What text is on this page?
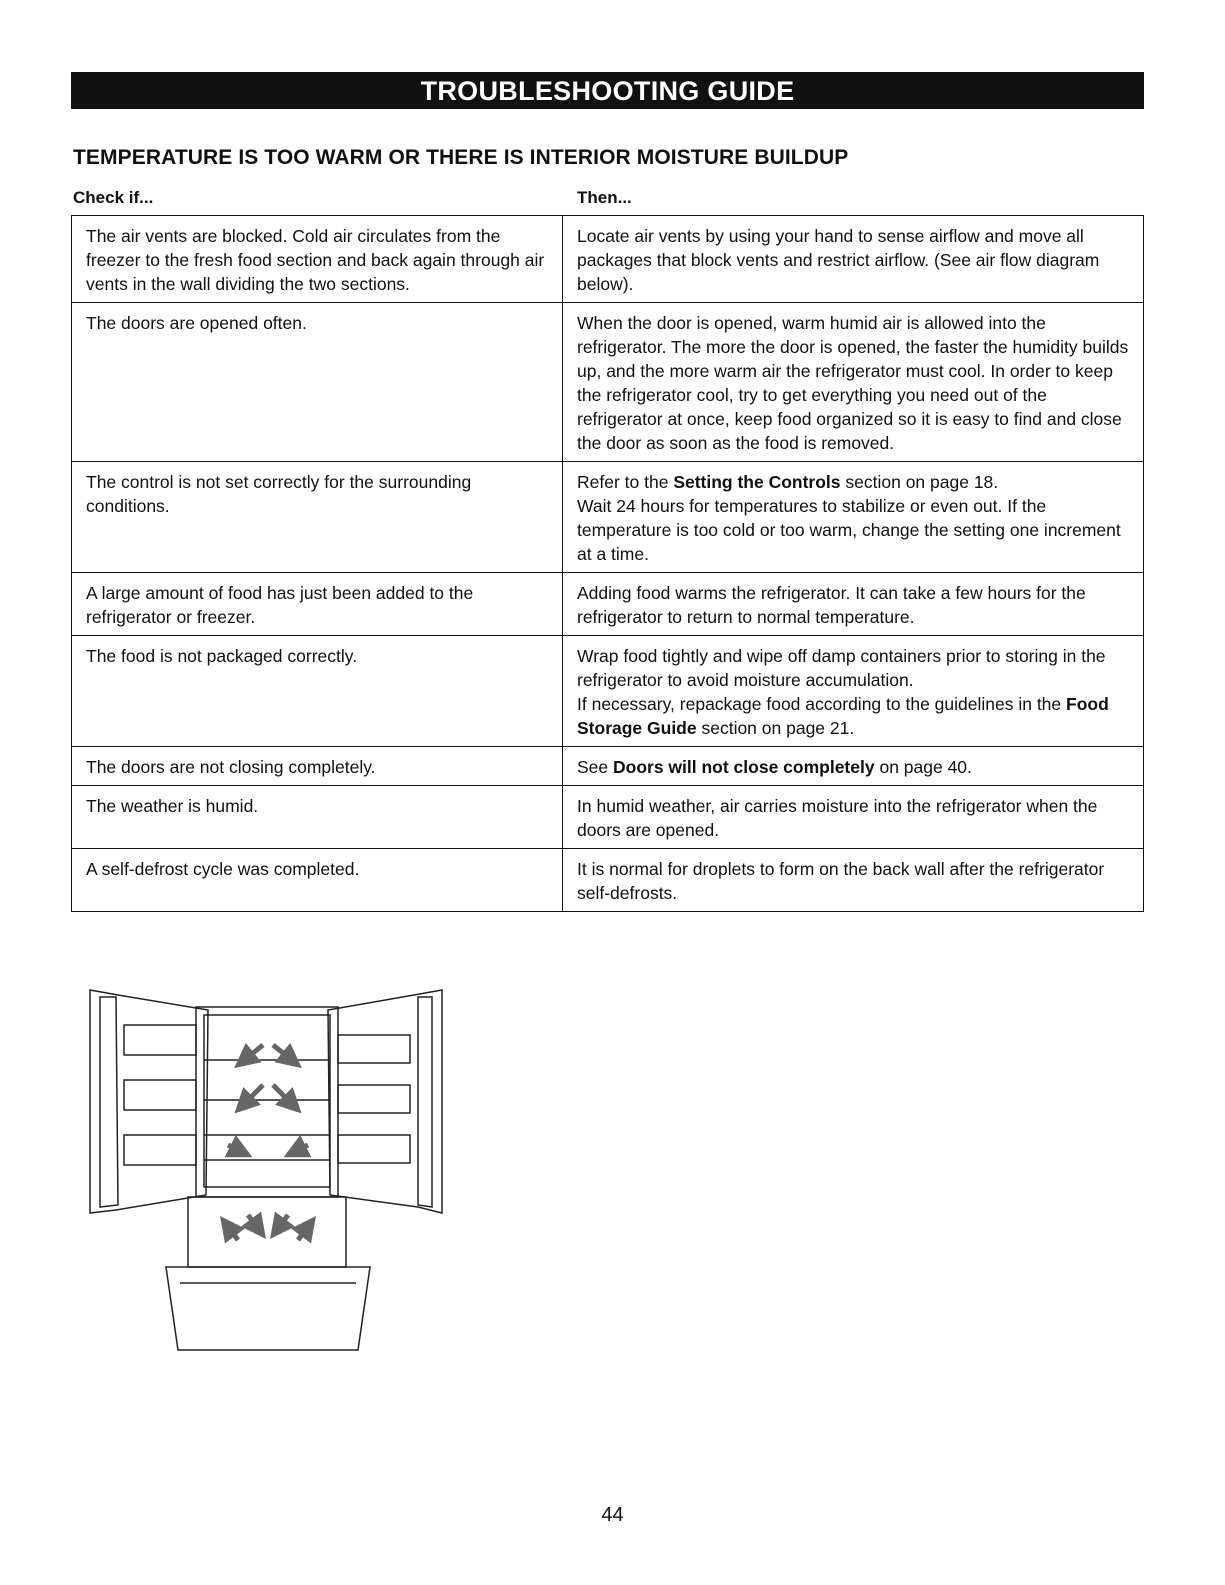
TROUBLESHOOTING GUIDE
TEMPERATURE IS TOO WARM OR THERE IS INTERIOR MOISTURE BUILDUP
Check if...	Then...
The air vents are blocked. Cold air circulates from the freezer to the fresh food section and back again through air vents in the wall dividing the two sections.	Locate air vents by using your hand to sense airflow and move all packages that block vents and restrict airflow. (See air flow diagram below).

The doors are opened often.	When the door is opened, warm humid air is allowed into the refrigerator. The more the door is opened, the faster the humidity builds up, and the more warm air the refrigerator must cool. In order to keep the refrigerator cool, try to get everything you need out of the refrigerator at once, keep food organized so it is easy to find and close the door as soon as the food is removed.

The control is not set correctly for the surrounding conditions.	Refer to the Setting the Controls section on page 18.
Wait 24 hours for temperatures to stabilize or even out. If the temperature is too cold or too warm, change the setting one increment at a time.

A large amount of food has just been added to the refrigerator or freezer.	Adding food warms the refrigerator. It can take a few hours for the refrigerator to return to normal temperature.

The food is not packaged correctly.	Wrap food tightly and wipe off damp containers prior to storing in the refrigerator to avoid moisture accumulation.
If necessary, repackage food according to the guidelines in the Food Storage Guide section on page 21.

The doors are not closing completely.	See Doors will not close completely on page 40.

The weather is humid.	In humid weather, air carries moisture into the refrigerator when the doors are opened.

A self-defrost cycle was completed.	It is normal for droplets to form on the back wall after the refrigerator self-defrosts.
44
